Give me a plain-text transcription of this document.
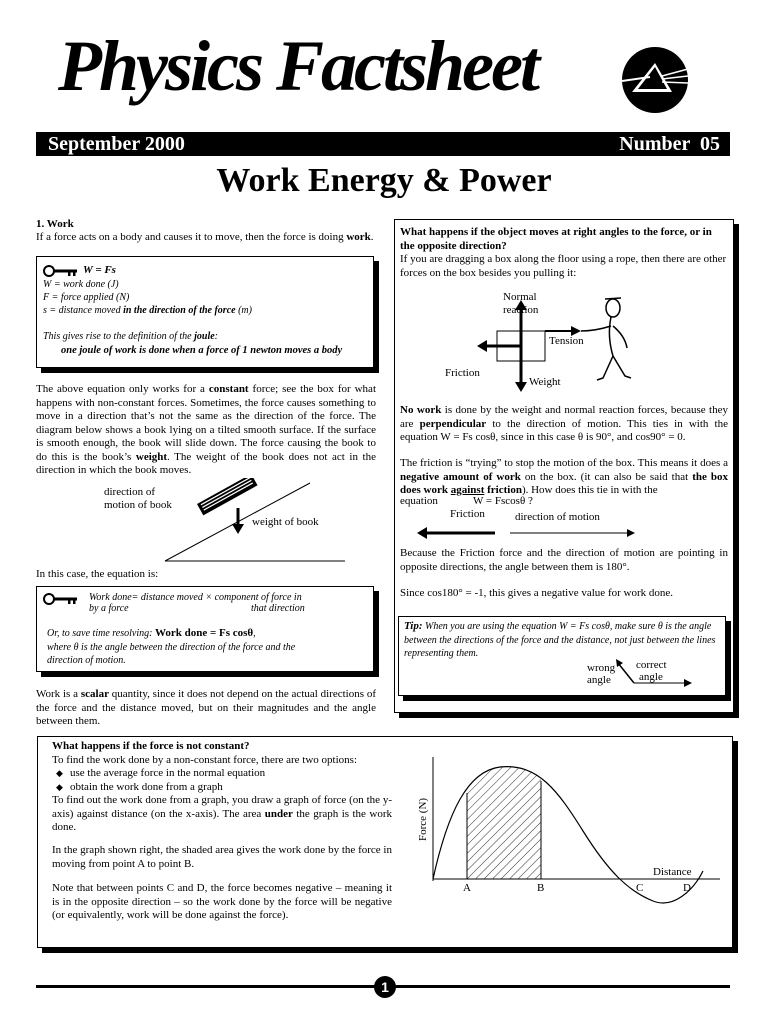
Physics Factsheet
September 2000	Number  05
Work Energy & Power
1. Work
If a force acts on a body and causes it to move, then the force is doing work.
W = Fs
W = work done (J)
F = force applied (N)
s = distance moved in the direction of the force (m)
This gives rise to the definition of the joule:
one joule of work is done when a force of 1 newton moves a body
The above equation only works for a constant force; see the box for what happens with non-constant forces. Sometimes, the force causes something to move in a direction that’s not the same as the direction of the force. The diagram below shows a book lying on a tilted smooth surface. If the surface is smooth enough, the book will slide down. The force causing the book to do this is the book’s weight. The weight of the book does not act in the direction in which the book moves.
direction of
motion of book
weight of book
In this case, the equation is:
Work done= distance moved × component of force in
by a force	that direction
Or, to save time resolving: Work done = Fs cosθ,
where θ is the angle between the direction of the force and the
direction of motion.
Work is a scalar quantity, since it does not depend on the actual directions of the force and the distance moved, but on their magnitudes and the angle between them.
What happens if the object moves at right angles to the force, or in the opposite direction?
If you are dragging a box along the floor using a rope, then there are other forces on the box besides you pulling it:
Normal
reaction
Tension
Friction
Weight
No work is done by the weight and normal reaction forces, because they are perpendicular to the direction of motion. This ties in with the equation W = Fs cosθ, since in this case θ is 90°, and cos90° = 0.
The friction is “trying” to stop the motion of the box. This means it does a negative amount of work on the box. (it can also be said that the box does work against friction). How does this tie in with the
equation	W = Fscosθ ?
Friction	direction of motion
Because the Friction force and the direction of motion are pointing in opposite directions, the angle between them is 180°.
Since cos180° = -1, this gives a negative value for work done.
Tip: When you are using the equation W = Fs cosθ, make sure θ is the angle between the directions of the force and the distance, not just between the lines representing them.
wrong
angle
correct
angle
What happens if the force is not constant?
To find the work done by a non-constant force, there are two options:
◆ use the average force in the normal equation
◆ obtain the work done from a graph
To find out the work done from a graph, you draw a graph of force (on the y-axis) against distance (on the x-axis). The area under the graph is the work done.
In the graph shown right, the shaded area gives the work done by the force in moving from point A to point B.
Note that between points C and D, the force becomes negative – meaning it is in the opposite direction – so the work done by the force will be negative (or equivalently, work will be done against the force).
A	B	C	D
Distance
Force (N)
1
